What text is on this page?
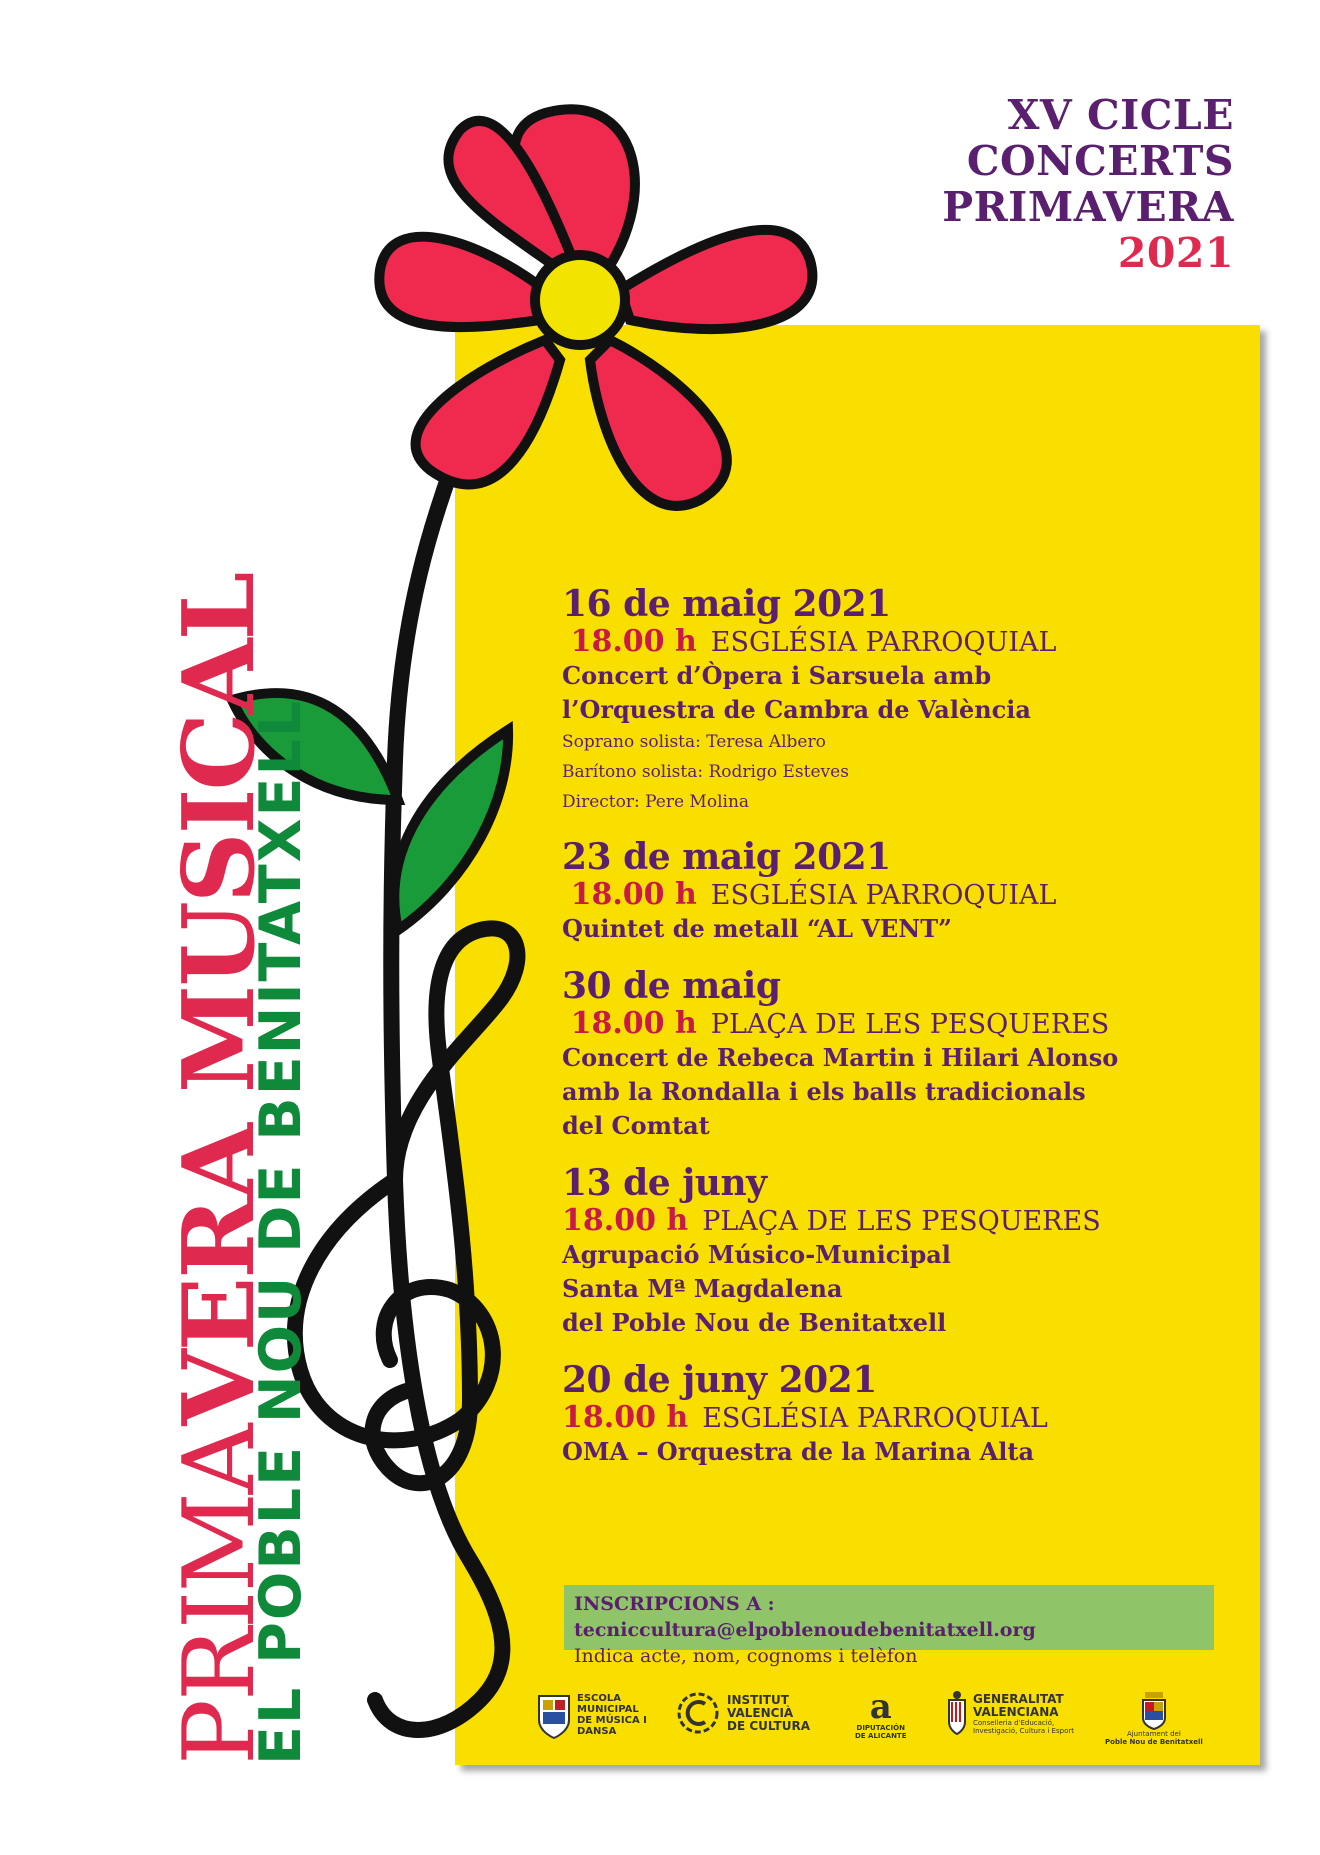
XV CICLE
CONCERTS
PRIMAVERA
2021
PRIMAVERA MUSICAL
EL POBLE NOU DE BENITATXELL
16 de maig 2021
18.00 h ESGLÉSIA PARROQUIAL
Concert d’Òpera i Sarsuela amb
l’Orquestra de Cambra de València
Soprano solista: Teresa Albero
Barítono solista: Rodrigo Esteves
Director: Pere Molina
23 de maig 2021
18.00 h ESGLÉSIA PARROQUIAL
Quintet de metall “AL VENT”
30 de maig
18.00 h PLAÇA DE LES PESQUERES
Concert de Rebeca Martin i Hilari Alonso
amb la Rondalla i els balls tradicionals
del Comtat
13 de juny
18.00 h PLAÇA DE LES PESQUERES
Agrupació Músico-Municipal
Santa Mª Magdalena
del Poble Nou de Benitatxell
20 de juny 2021
18.00 h ESGLÉSIA PARROQUIAL
OMA – Orquestra de la Marina Alta
INSCRIPCIONS A : tecniccultura@elpoblenoudebenitatxell.org
Indica acte, nom, cognoms i telèfon
ESCOLA MUNICIPAL DE MÚSICA I DANSA
INSTITUT
VALENCIÀ
DE CULTURA a
DIPUTACIÓN
DE ALICANTE
GENERALITAT
VALENCIANA
Conselleria d'Educació,
Investigació, Cultura i Esport	Ajuntament del
Poble Nou de Benitatxell
